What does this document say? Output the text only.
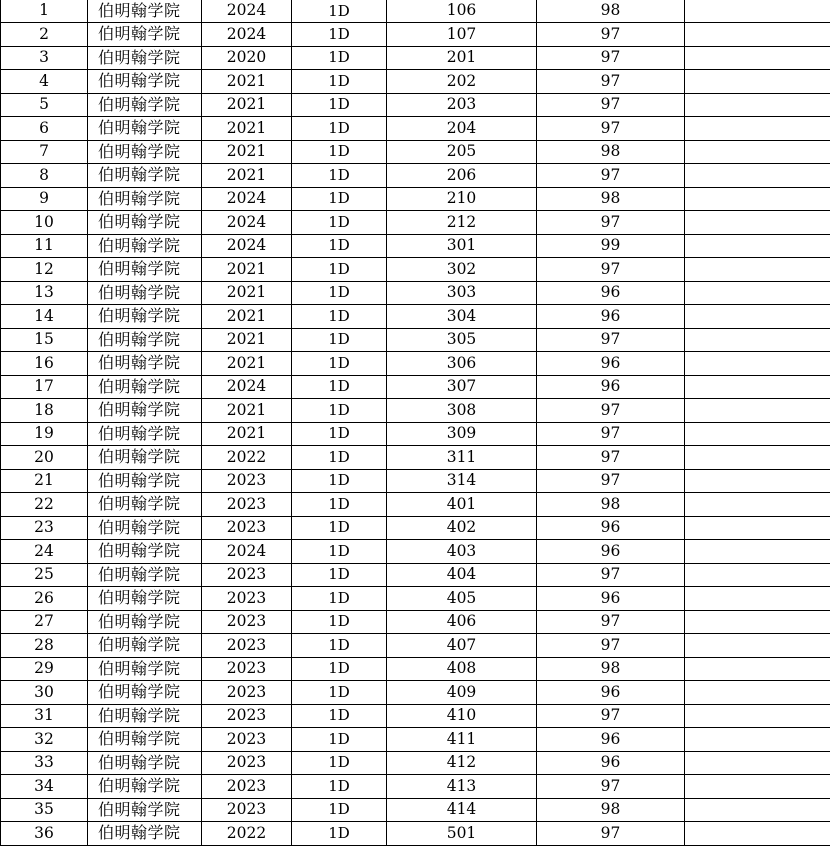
1	伯明翰学院	2024	1D	106	98	
2	伯明翰学院	2024	1D	107	97	
3	伯明翰学院	2020	1D	201	97	
4	伯明翰学院	2021	1D	202	97	
5	伯明翰学院	2021	1D	203	97	
6	伯明翰学院	2021	1D	204	97	
7	伯明翰学院	2021	1D	205	98	
8	伯明翰学院	2021	1D	206	97	
9	伯明翰学院	2024	1D	210	98	
10	伯明翰学院	2024	1D	212	97	
11	伯明翰学院	2024	1D	301	99	
12	伯明翰学院	2021	1D	302	97	
13	伯明翰学院	2021	1D	303	96	
14	伯明翰学院	2021	1D	304	96	
15	伯明翰学院	2021	1D	305	97	
16	伯明翰学院	2021	1D	306	96	
17	伯明翰学院	2024	1D	307	96	
18	伯明翰学院	2021	1D	308	97	
19	伯明翰学院	2021	1D	309	97	
20	伯明翰学院	2022	1D	311	97	
21	伯明翰学院	2023	1D	314	97	
22	伯明翰学院	2023	1D	401	98	
23	伯明翰学院	2023	1D	402	96	
24	伯明翰学院	2024	1D	403	96	
25	伯明翰学院	2023	1D	404	97	
26	伯明翰学院	2023	1D	405	96	
27	伯明翰学院	2023	1D	406	97	
28	伯明翰学院	2023	1D	407	97	
29	伯明翰学院	2023	1D	408	98	
30	伯明翰学院	2023	1D	409	96	
31	伯明翰学院	2023	1D	410	97	
32	伯明翰学院	2023	1D	411	96	
33	伯明翰学院	2023	1D	412	96	
34	伯明翰学院	2023	1D	413	97	
35	伯明翰学院	2023	1D	414	98	
36	伯明翰学院	2022	1D	501	97	
